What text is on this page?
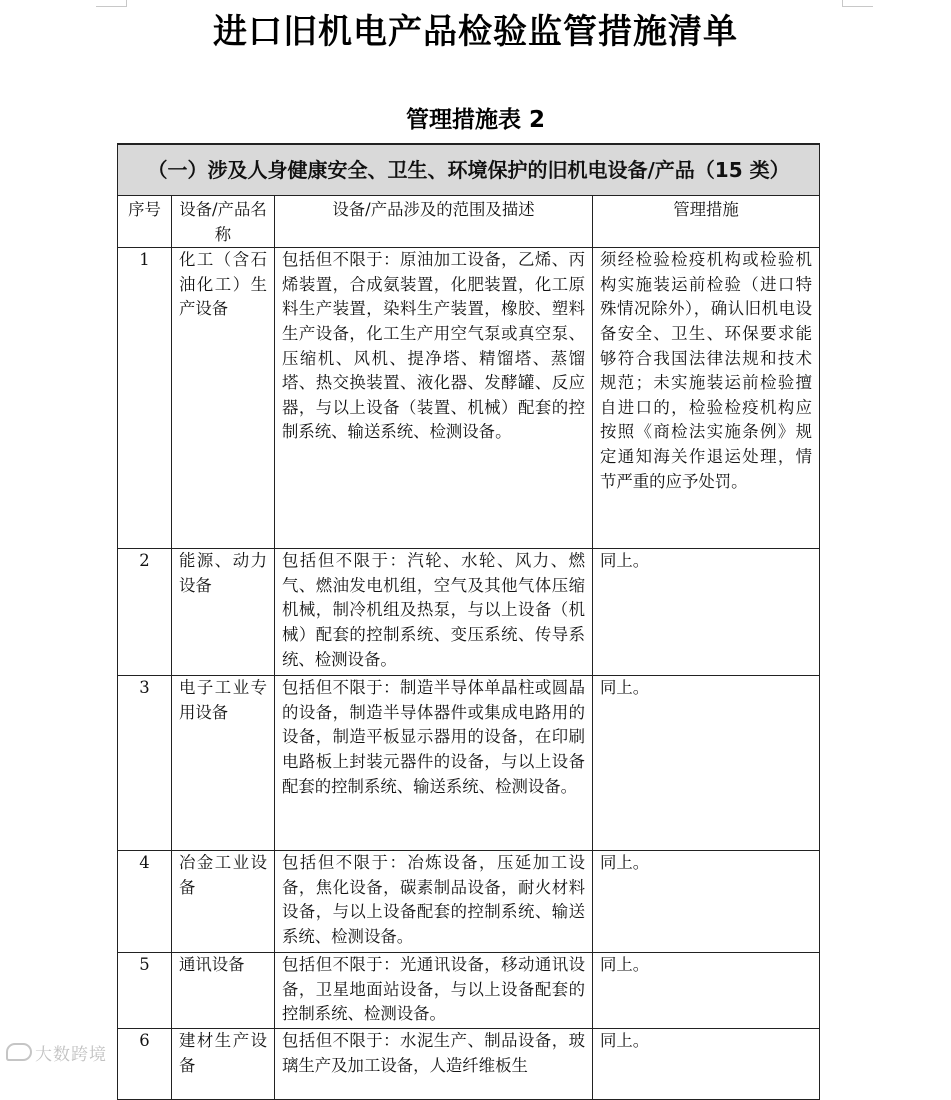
进口旧机电产品检验监管措施清单
管理措施表 2
（一）涉及人身健康安全、卫生、环境保护的旧机电设备/产品（15 类）			
序号	设备/产品名称	设备/产品涉及的范围及描述	管理措施
1	化工（含石油化工）生产设备	包括但不限于：原油加工设备，乙烯、丙烯装置，合成氨装置，化肥装置，化工原料生产装置，染料生产装置，橡胶、塑料生产设备，化工生产用空气泵或真空泵、压缩机、风机、提净塔、精馏塔、蒸馏塔、热交换装置、液化器、发酵罐、反应器，与以上设备（装置、机械）配套的控制系统、输送系统、检测设备。	须经检验检疫机构或检验机构实施装运前检验（进口特殊情况除外），确认旧机电设备安全、卫生、环保要求能够符合我国法律法规和技术规范；未实施装运前检验擅自进口的，检验检疫机构应按照《商检法实施条例》规定通知海关作退运处理，情节严重的应予处罚。
2	能源、动力设备	包括但不限于：汽轮、水轮、风力、燃气、燃油发电机组，空气及其他气体压缩机械，制冷机组及热泵，与以上设备（机械）配套的控制系统、变压系统、传导系统、检测设备。	同上。
3	电子工业专用设备	包括但不限于：制造半导体单晶柱或圆晶的设备，制造半导体器件或集成电路用的设备，制造平板显示器用的设备，在印刷电路板上封装元器件的设备，与以上设备配套的控制系统、输送系统、检测设备。	同上。
4	冶金工业设备	包括但不限于：冶炼设备，压延加工设备，焦化设备，碳素制品设备，耐火材料设备，与以上设备配套的控制系统、输送系统、检测设备。	同上。
5	通讯设备	包括但不限于：光通讯设备，移动通讯设备，卫星地面站设备，与以上设备配套的控制系统、检测设备。	同上。
6	建材生产设备	包括但不限于：水泥生产、制品设备，玻璃生产及加工设备，人造纤维板生	同上。
大数跨境
